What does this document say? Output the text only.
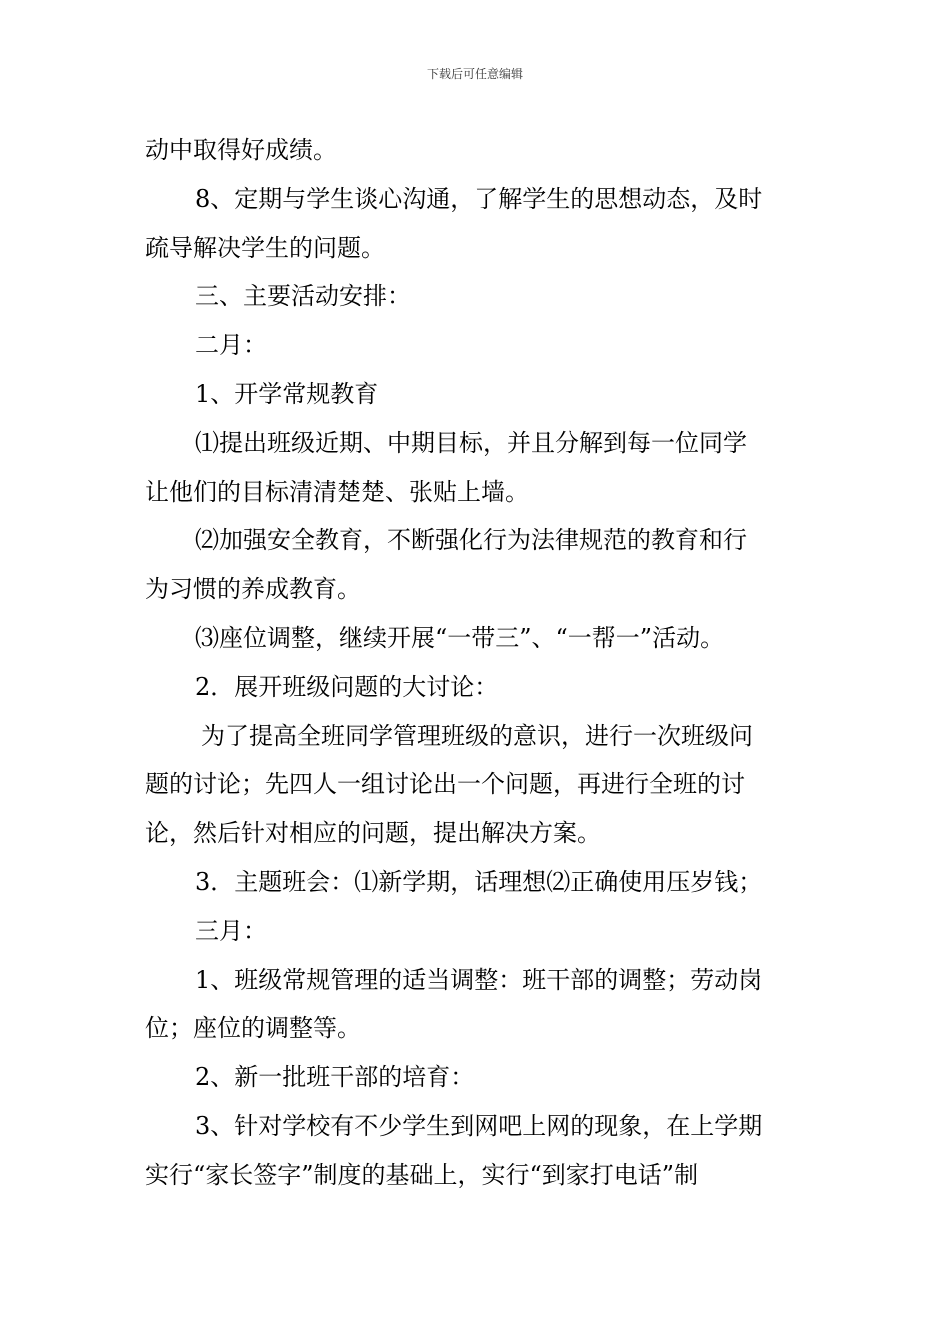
下载后可任意编辑
动中取得好成绩。
8、定期与学生谈心沟通，了解学生的思想动态，及时
疏导解决学生的问题。
三、主要活动安排：
二月：
1、开学常规教育
⑴提出班级近期、中期目标，并且分解到每一位同学
让他们的目标清清楚楚、张贴上墙。
⑵加强安全教育，不断强化行为法律规范的教育和行
为习惯的养成教育。
⑶座位调整，继续开展“一带三”、“一帮一”活动。
2．展开班级问题的大讨论：
为了提高全班同学管理班级的意识，进行一次班级问
题的讨论；先四人一组讨论出一个问题，再进行全班的讨
论，然后针对相应的问题，提出解决方案。
3．主题班会：⑴新学期，话理想⑵正确使用压岁钱；
三月：
1、班级常规管理的适当调整：班干部的调整；劳动岗
位；座位的调整等。
2、新一批班干部的培育：
3、针对学校有不少学生到网吧上网的现象，在上学期
实行“家长签字”制度的基础上，实行“到家打电话”制
